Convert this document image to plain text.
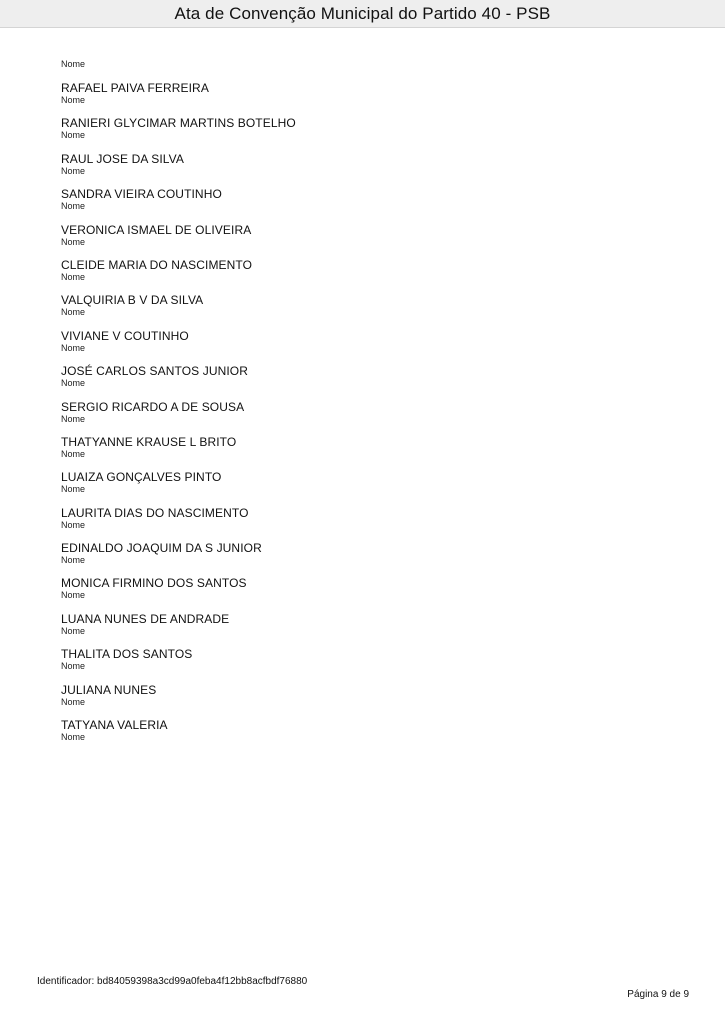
Ata de Convenção Municipal do Partido 40 - PSB
Nome
RAFAEL PAIVA FERREIRA
Nome
RANIERI GLYCIMAR MARTINS BOTELHO
Nome
RAUL JOSE DA SILVA
Nome
SANDRA VIEIRA COUTINHO
Nome
VERONICA ISMAEL DE OLIVEIRA
Nome
CLEIDE MARIA DO NASCIMENTO
Nome
VALQUIRIA B V DA SILVA
Nome
VIVIANE V COUTINHO
Nome
JOSÉ CARLOS SANTOS JUNIOR
Nome
SERGIO RICARDO A DE SOUSA
Nome
THATYANNE KRAUSE L BRITO
Nome
LUAIZA GONÇALVES PINTO
Nome
LAURITA DIAS DO NASCIMENTO
Nome
EDINALDO JOAQUIM DA S JUNIOR
Nome
MONICA FIRMINO DOS SANTOS
Nome
LUANA NUNES DE ANDRADE
Nome
THALITA DOS SANTOS
Nome
JULIANA NUNES
Nome
TATYANA VALERIA
Nome
Identificador: bd84059398a3cd99a0feba4f12bb8acfbdf76880
Página 9 de 9
